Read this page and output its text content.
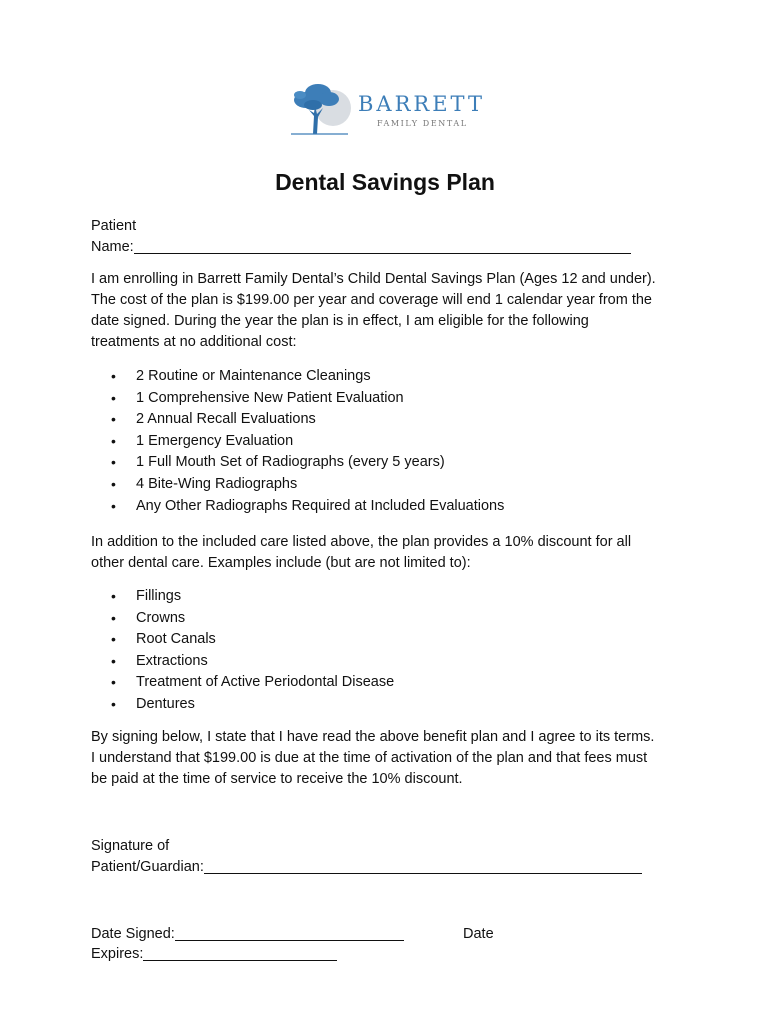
BARRETT
FAMILY DENTAL
Dental Savings Plan
Patient
Name:
I am enrolling in Barrett Family Dental’s Child Dental Savings Plan (Ages 12 and under).
The cost of the plan is $199.00 per year and coverage will end 1 calendar year from the
date signed. During the year the plan is in effect, I am eligible for the following
treatments at no additional cost:
• 2 Routine or Maintenance Cleanings
• 1 Comprehensive New Patient Evaluation
• 2 Annual Recall Evaluations
• 1 Emergency Evaluation
• 1 Full Mouth Set of Radiographs (every 5 years)
• 4 Bite-Wing Radiographs
• Any Other Radiographs Required at Included Evaluations
In addition to the included care listed above, the plan provides a 10% discount for all
other dental care. Examples include (but are not limited to):
• Fillings
• Crowns
• Root Canals
• Extractions
• Treatment of Active Periodontal Disease
• Dentures
By signing below, I state that I have read the above benefit plan and I agree to its terms.
I understand that $199.00 is due at the time of activation of the plan and that fees must
be paid at the time of service to receive the 10% discount.
Signature of
Patient/Guardian:
Date Signed:	Date
Expires:
